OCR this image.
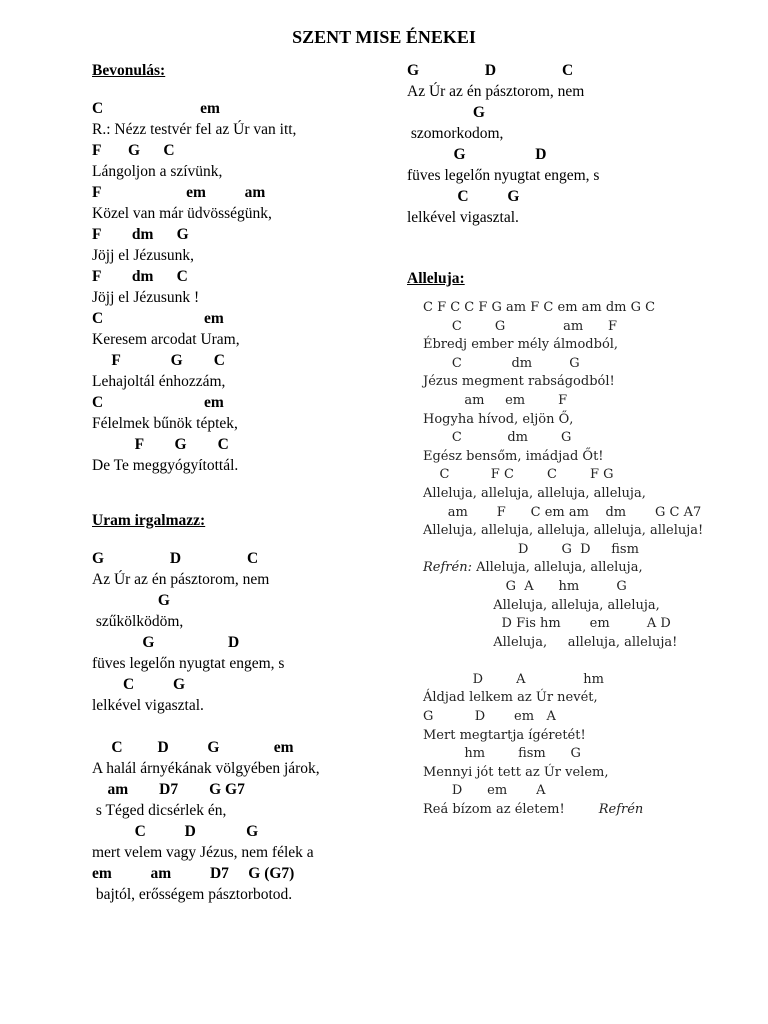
SZENT MISE ÉNEKEI
Bevonulás:
C                         em
R.: Nézz testvér fel az Úr van itt,
F       G      C
Lángoljon a szívünk,
F                      em          am
Közel van már üdvösségünk,
F        dm      G
Jöjj el Jézusunk,
F        dm      C
Jöjj el Jézusunk !
C                          em
Keresem arcodat Uram,
F             G        C
Lehajoltál énhozzám,
C                          em
Félelmek bűnök téptek,
F        G        C
De Te meggyógyítottál.
Uram irgalmazz:
G                 D                 C
Az Úr az én pásztorom, nem
G
szűkölködöm,
G                   D
füves legelőn nyugtat engem, s
C          G
lelkével vigasztal.
C         D          G              em
A halál árnyékának völgyében járok,
am        D7        G G7
s Téged dicsérlek én,
C          D             G
mert velem vagy Jézus, nem félek a
em          am          D7     G (G7)
bajtól, erősségem pásztorbotod.
G                 D                 C
Az Úr az én pásztorom, nem
G
szomorkodom,
G                  D
füves legelőn nyugtat engem, s
C          G
lelkével vigasztal.
Alleluja:
C F C C F G am F C em am dm G C
C        G              am      F
Ébredj ember mély álmodból,
C            dm         G
Jézus megment rabságodból!
am     em        F
Hogyha hívod, eljön Ő,
C           dm        G
Egész bensőm, imádjad Őt!
C          F C        C        F G
Alleluja, alleluja, alleluja, alleluja,
am       F      C em am    dm       G C A7
Alleluja, alleluja, alleluja, alleluja, alleluja!
D        G  D     fism
Refrén: Alleluja, alleluja, alleluja,
G  A      hm         G
Alleluja, alleluja, alleluja,
D Fis hm       em         A D
Alleluja,     alleluja, alleluja!
D        A              hm
Áldjad lelkem az Úr nevét,
G          D       em   A
Mert megtartja ígéretét!
hm        fism      G
Mennyi jót tett az Úr velem,
D      em       A
Reá bízom az életem!	Refrén
